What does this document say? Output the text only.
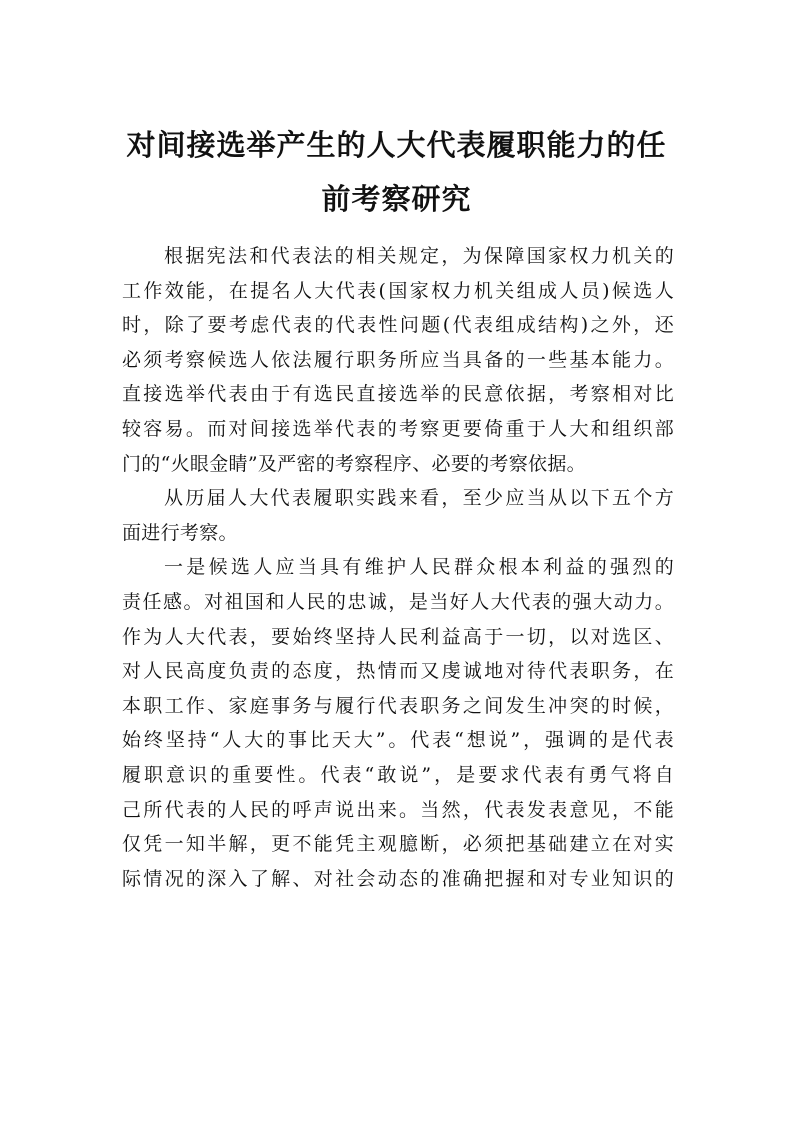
对间接选举产生的人大代表履职能力的任
前考察研究
根据宪法和代表法的相关规定，为保障国家权力机关的
工作效能，在提名人大代表(国家权力机关组成人员)候选人
时，除了要考虑代表的代表性问题(代表组成结构)之外，还
必须考察候选人依法履行职务所应当具备的一些基本能力。
直接选举代表由于有选民直接选举的民意依据，考察相对比
较容易。而对间接选举代表的考察更要倚重于人大和组织部
门的“火眼金睛”及严密的考察程序、必要的考察依据。
从历届人大代表履职实践来看，至少应当从以下五个方
面进行考察。
一是候选人应当具有维护人民群众根本利益的强烈的
责任感。对祖国和人民的忠诚，是当好人大代表的强大动力。
作为人大代表，要始终坚持人民利益高于一切，以对选区、
对人民高度负责的态度，热情而又虔诚地对待代表职务，在
本职工作、家庭事务与履行代表职务之间发生冲突的时候，
始终坚持“人大的事比天大”。代表“想说”，强调的是代表
履职意识的重要性。代表“敢说”，是要求代表有勇气将自
己所代表的人民的呼声说出来。当然，代表发表意见，不能
仅凭一知半解，更不能凭主观臆断，必须把基础建立在对实
际情况的深入了解、对社会动态的准确把握和对专业知识的
